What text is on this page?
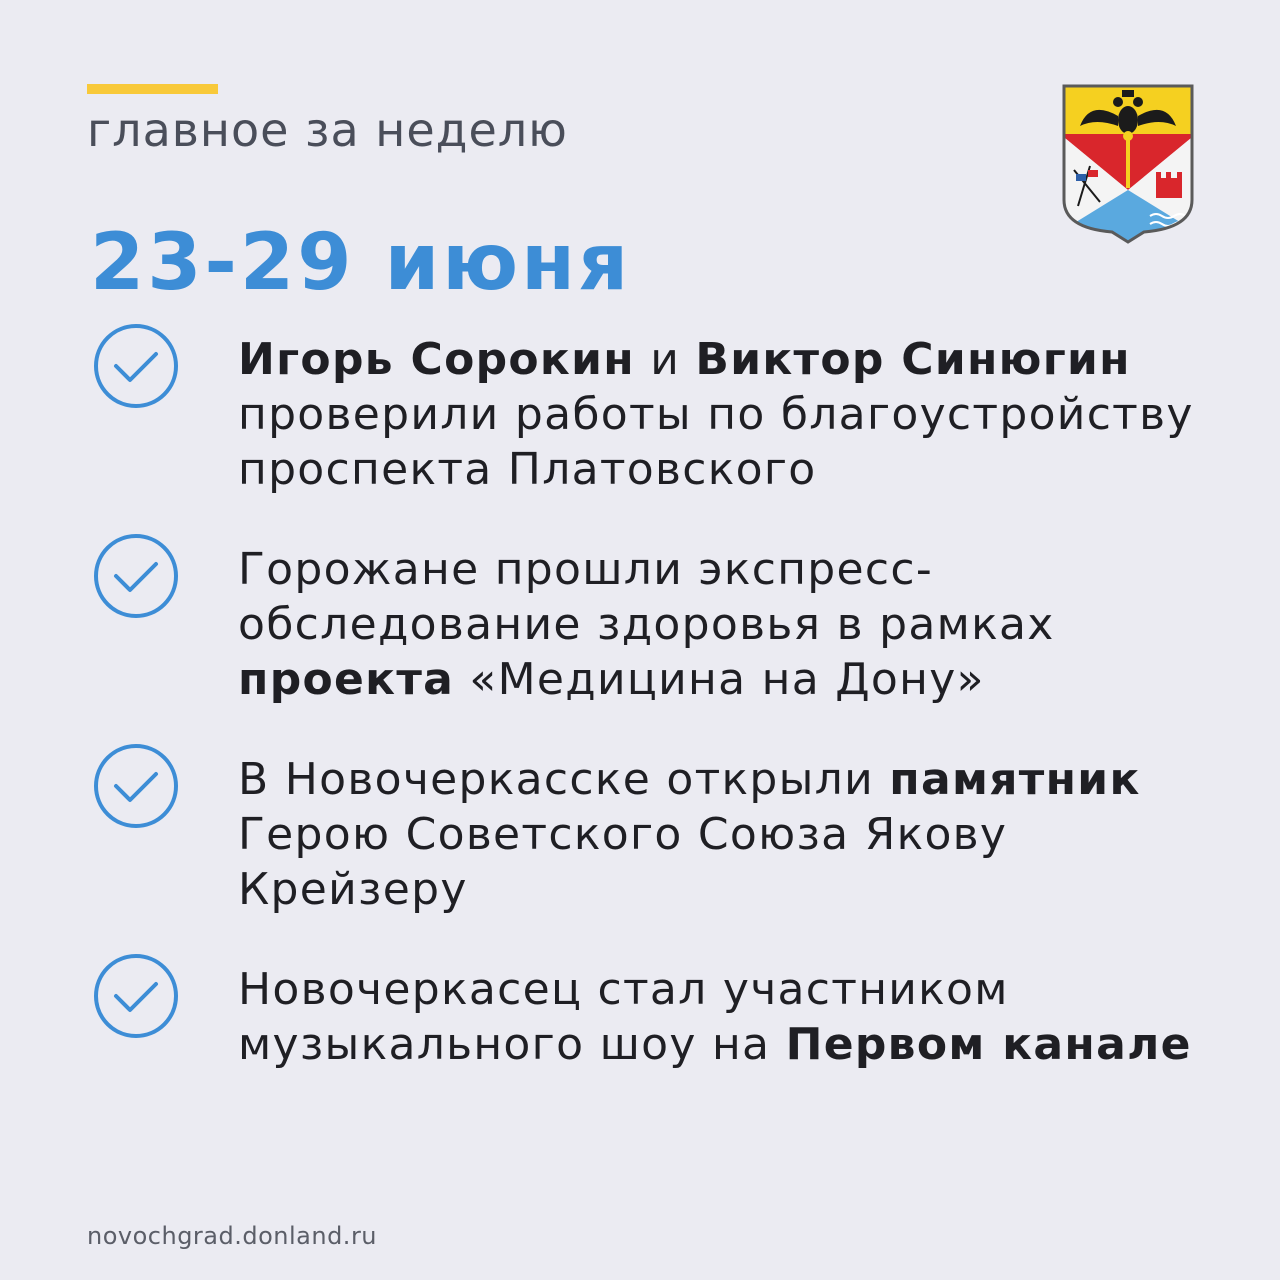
главное за неделю
23-29 июня
Игорь Сорокин и Виктор Синюгин проверили работы по благоустройству проспекта Платовского
Горожане прошли экспресс-обследование здоровья в рамках проекта «Медицина на Дону»
В Новочеркасске открыли памятник Герою Советского Союза Якову Крейзеру
Новочеркасец стал участником музыкального шоу на Первом канале
novochgrad.donland.ru
